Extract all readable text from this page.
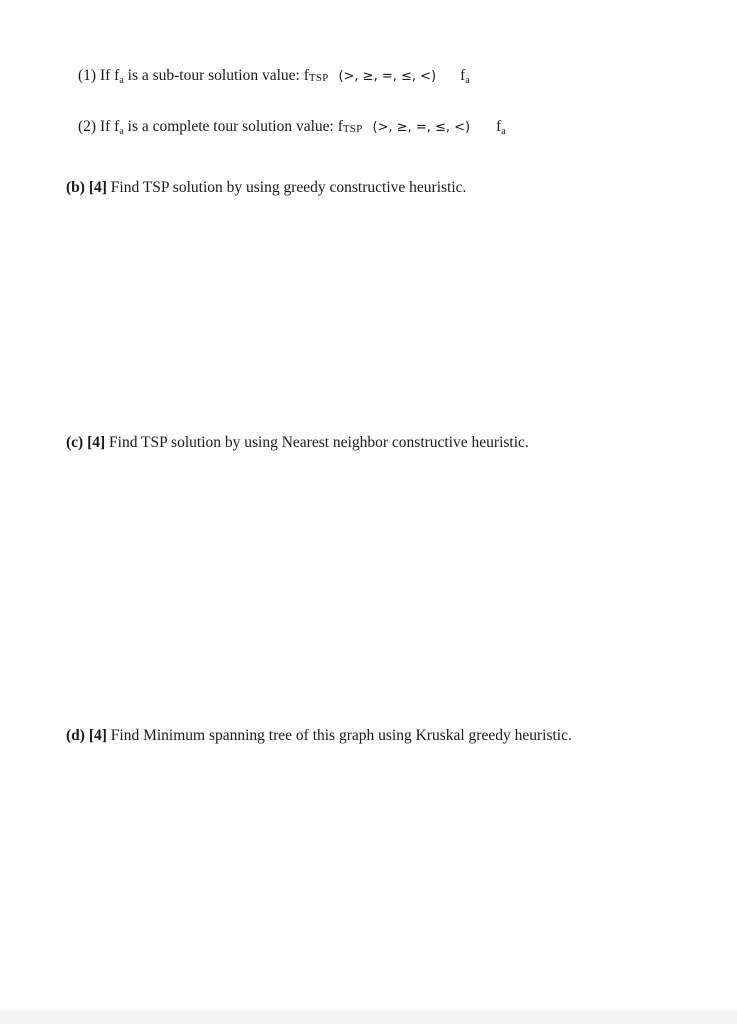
(1) If $f_a$ is a sub-tour solution value: fTSP (>, ≥, =, ≤, <) $f_a$
(2) If $f_a$ is a complete tour solution value: fTSP (>, ≥, =, ≤, <) $f_a$
(b) [4] Find TSP solution by using greedy constructive heuristic.
(c) [4] Find TSP solution by using Nearest neighbor constructive heuristic.
(d) [4] Find Minimum spanning tree of this graph using Kruskal greedy heuristic.
